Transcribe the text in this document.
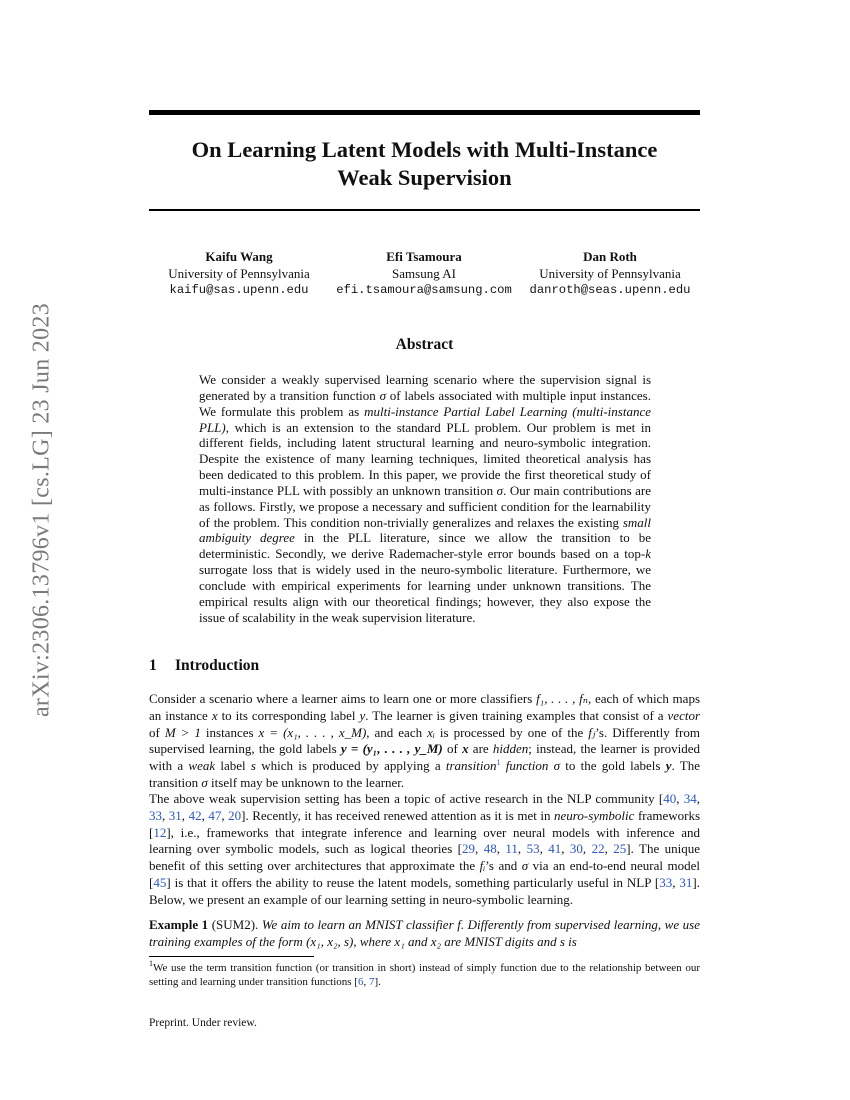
arXiv:2306.13796v1 [cs.LG] 23 Jun 2023
On Learning Latent Models with Multi-Instance
Weak Supervision
Kaifu Wang
University of Pennsylvania
kaifu@sas.upenn.edu
Efi Tsamoura
Samsung AI
efi.tsamoura@samsung.com
Dan Roth
University of Pennsylvania
danroth@seas.upenn.edu
Abstract
We consider a weakly supervised learning scenario where the supervision signal is generated by a transition function σ of labels associated with multiple input instances. We formulate this problem as multi-instance Partial Label Learning (multi-instance PLL), which is an extension to the standard PLL problem. Our problem is met in different fields, including latent structural learning and neuro-symbolic integration. Despite the existence of many learning techniques, limited theoretical analysis has been dedicated to this problem. In this paper, we provide the first theoretical study of multi-instance PLL with possibly an unknown transition σ. Our main contributions are as follows. Firstly, we propose a necessary and sufficient condition for the learnability of the problem. This condition non-trivially generalizes and relaxes the existing small ambiguity degree in the PLL literature, since we allow the transition to be deterministic. Secondly, we derive Rademacher-style error bounds based on a top-k surrogate loss that is widely used in the neuro-symbolic literature. Furthermore, we conclude with empirical experiments for learning under unknown transitions. The empirical results align with our theoretical findings; however, they also expose the issue of scalability in the weak supervision literature.
1 Introduction
Consider a scenario where a learner aims to learn one or more classifiers f₁, . . . , fₙ, each of which maps an instance x to its corresponding label y. The learner is given training examples that consist of a vector of M > 1 instances x = (x₁, . . . , x_M), and each xᵢ is processed by one of the fⱼ’s. Differently from supervised learning, the gold labels y = (y₁, . . . , y_M) of x are hidden; instead, the learner is provided with a weak label s which is produced by applying a transition$^1$ function σ to the gold labels y. The transition σ itself may be unknown to the learner.
The above weak supervision setting has been a topic of active research in the NLP community [40, 34, 33, 31, 42, 47, 20]. Recently, it has received renewed attention as it is met in neuro-symbolic frameworks [12], i.e., frameworks that integrate inference and learning over neural models with inference and learning over symbolic models, such as logical theories [29, 48, 11, 53, 41, 30, 22, 25]. The unique benefit of this setting over architectures that approximate the fᵢ’s and σ via an end-to-end neural model [45] is that it offers the ability to reuse the latent models, something particularly useful in NLP [33, 31]. Below, we present an example of our learning setting in neuro-symbolic learning.
Example 1 (SUM2). We aim to learn an MNIST classifier f. Differently from supervised learning, we use training examples of the form (x₁, x₂, s), where x₁ and x₂ are MNIST digits and s is
$^1$We use the term transition function (or transition in short) instead of simply function due to the relationship between our setting and learning under transition functions [6, 7].
Preprint. Under review.
